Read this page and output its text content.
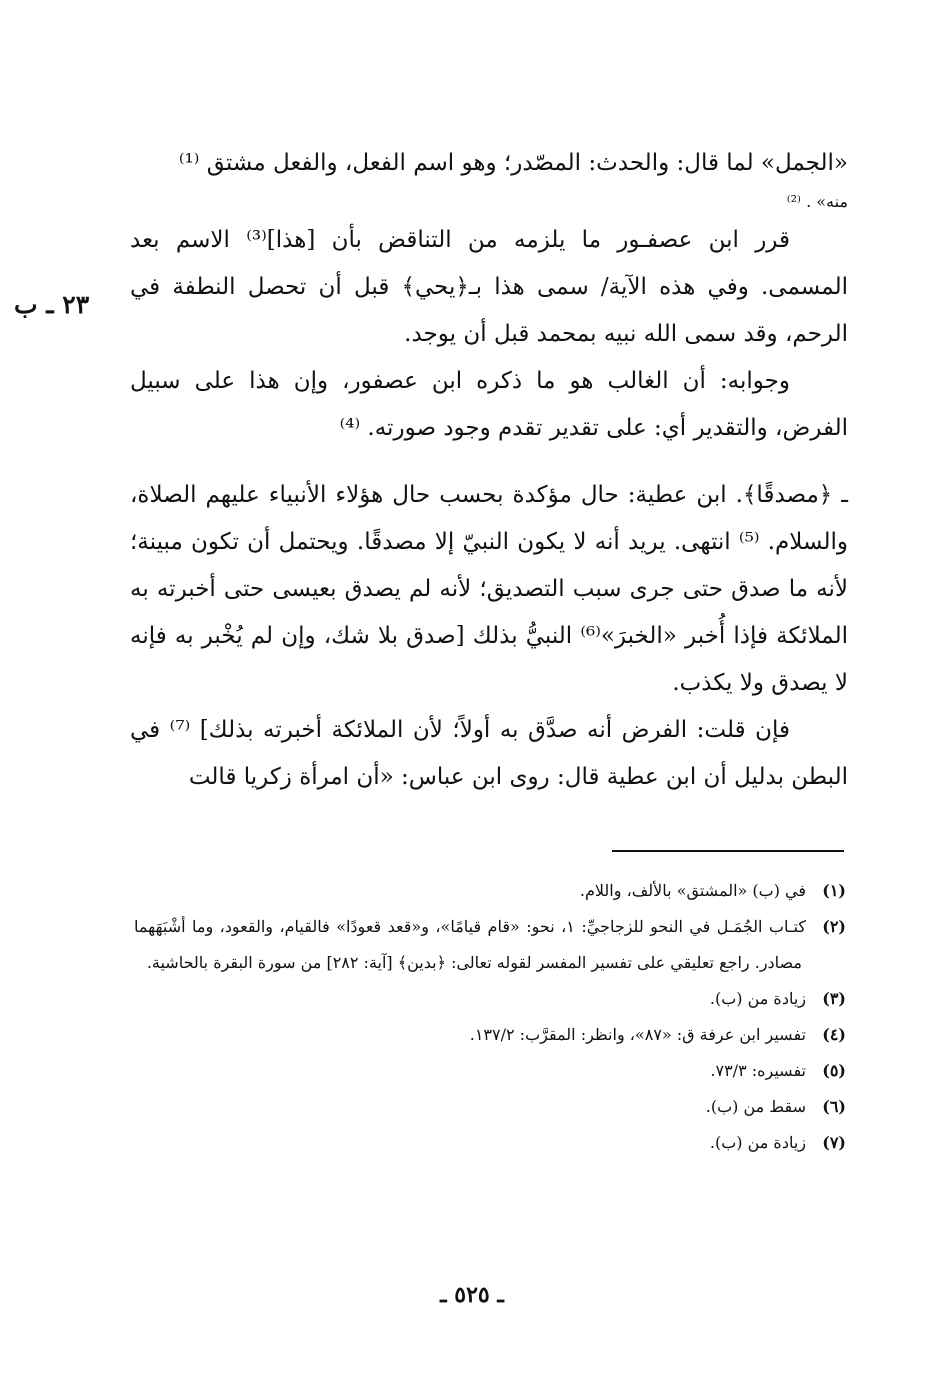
«الجمل» لما قال: والحدث: المصّدر؛ وهو اسم الفعل، والفعل مشتق ⁽¹⁾

منه» . ⁽²⁾

قرر ابن عصفـور ما يلزمه من التناقض بأن [هذا]⁽³⁾ الاسم بعد المسمى. وفي هذه الآية/ سمى هذا بـ﴿يحي﴾ قبل أن تحصل النطفة في الرحم، وقد سمى الله نبيه بمحمد قبل أن يوجد.

وجوابه: أن الغالب هو ما ذكره ابن عصفور، وإن هذا على سبيل الفرض، والتقدير أي: على تقدير تقدم وجود صورته. ⁽⁴⁾

ـ ﴿مصدقًا﴾. ابن عطية: حال مؤكدة بحسب حال هؤلاء الأنبياء عليهم الصلاة، والسلام. ⁽⁵⁾ انتهى. يريد أنه لا يكون النبيّ إلا مصدقًا. ويحتمل أن تكون مبينة؛ لأنه ما صدق حتى جرى سبب التصديق؛ لأنه لم يصدق بعيسى حتى أخبرته به الملائكة فإذا أُخبر «الخبرَ»⁽⁶⁾ النبيُّ بذلك [صدق بلا شك، وإن لم يُخْبر به فإنه لا يصدق ولا يكذب.

فإن قلت: الفرض أنه صدَّق به أولاً؛ لأن الملائكة أخبرته بذلك] ⁽⁷⁾ في البطن بدليل أن ابن عطية قال: روى ابن عباس: «أن امرأة زكريا قالت

٢٣ ـ ب

(١)في (ب) «المشتق» بالألف، واللام.

(٢)كتـاب الجُمَـل في النحو للزجاجيِّ: ١، نحو: «قام قيامًا»، و«قعد قعودًا» فالقيام، والقعود، وما أشْبَهَهما مصادر. راجع تعليقي على تفسير المفسر لقوله تعالى: ﴿بدين﴾ [آية: ٢٨٢] من سورة البقرة بالحاشية.

(٣)زيادة من (ب).

(٤)تفسير ابن عرفة ق: «٨٧»، وانظر: المقرَّب: ١٣٧/٢.

(٥)تفسيره: ٧٣/٣.

(٦)سقط من (ب).

(٧)زيادة من (ب).

ـ ٥٢٥ ـ
